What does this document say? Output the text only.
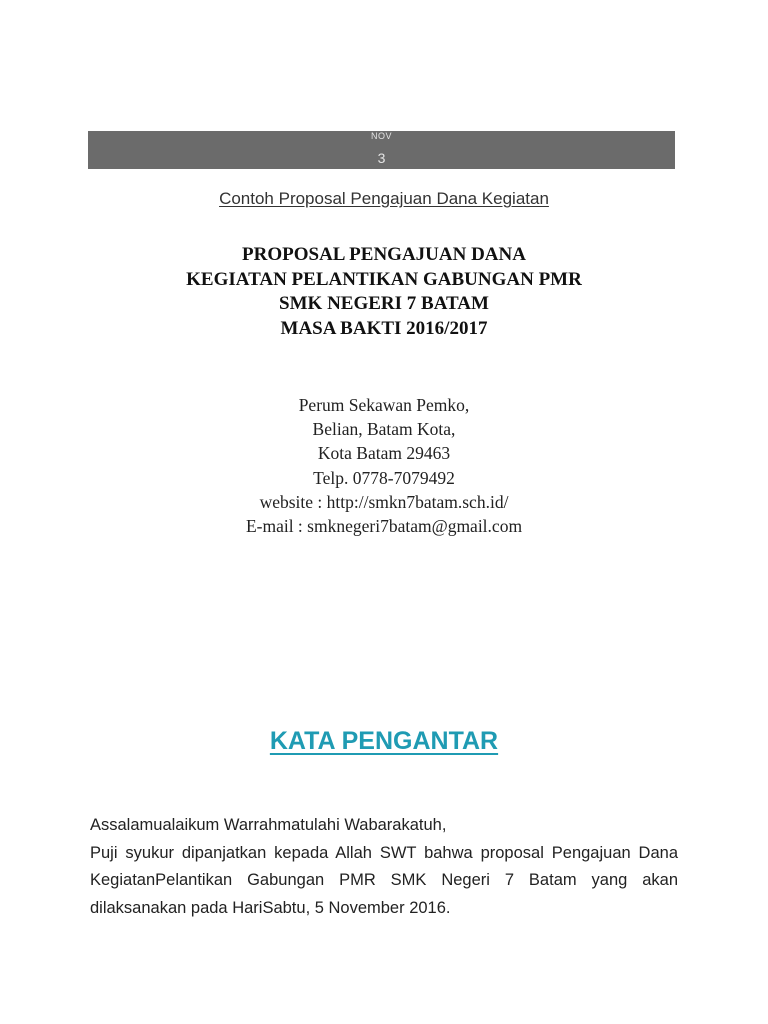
NOV
3
Contoh Proposal Pengajuan Dana Kegiatan
PROPOSAL PENGAJUAN DANA
KEGIATAN PELANTIKAN GABUNGAN PMR
SMK NEGERI 7 BATAM
MASA BAKTI 2016/2017
Perum Sekawan Pemko,
Belian, Batam Kota,
Kota Batam 29463
Telp. 0778-7079492
website : http://smkn7batam.sch.id/
E-mail : smknegeri7batam@gmail.com
KATA PENGANTAR

Assalamualaikum Warrahmatulahi Wabarakatuh,

Puji syukur dipanjatkan kepada Allah SWT bahwa proposal Pengajuan Dana KegiatanPelantikan Gabungan PMR SMK Negeri 7 Batam yang akan dilaksanakan pada HariSabtu, 5 November 2016.
